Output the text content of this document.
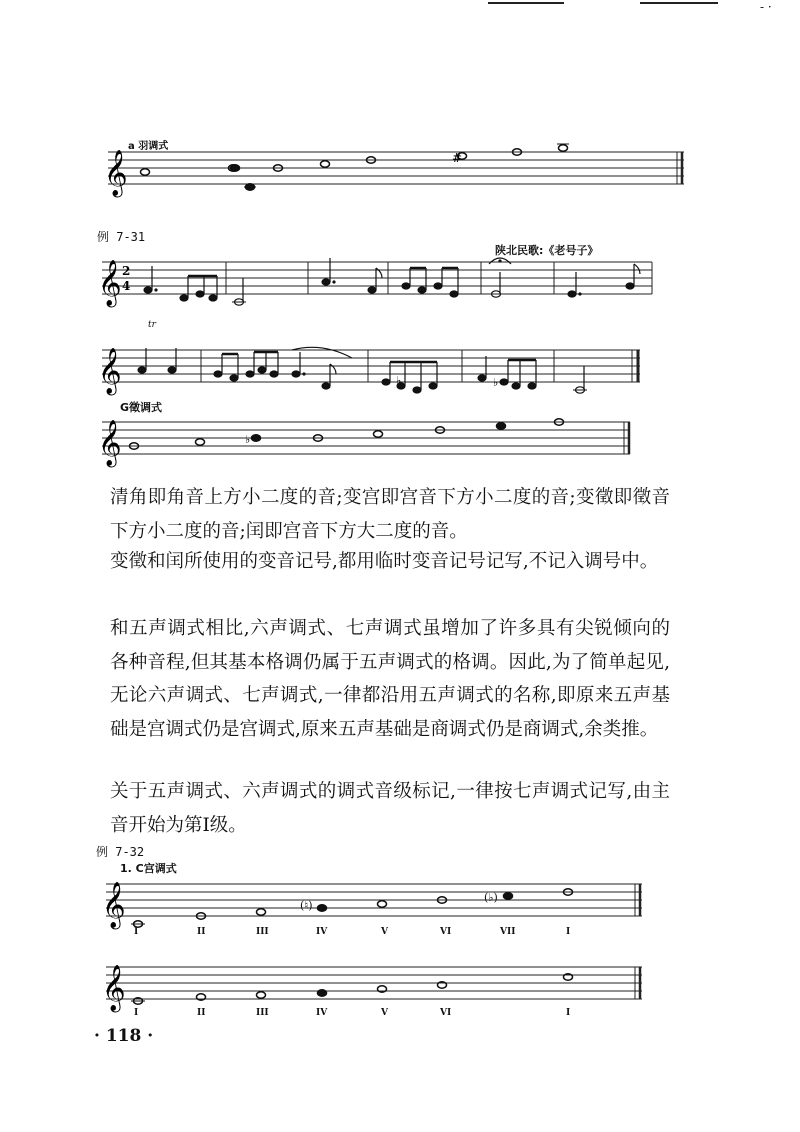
- ·
a 羽调式
𝄞	#
例 7-31
陕北民歌:《老号子》
𝄞 2
4
tr
𝄞	♭	♭
G徵调式
𝄞	♭
清角即角音上方小二度的音;变宫即宫音下方小二度的音;变徵即徵音下方小二度的音;闰即宫音下方大二度的音。
变徵和闰所使用的变音记号,都用临时变音记号记写,不记入调号中。
和五声调式相比,六声调式、七声调式虽增加了许多具有尖锐倾向的各种音程,但其基本格调仍属于五声调式的格调。因此,为了简单起见,无论六声调式、七声调式,一律都沿用五声调式的名称,即原来五声基础是宫调式仍是宫调式,原来五声基础是商调式仍是商调式,余类推。
关于五声调式、六声调式的调式音级标记,一律按七声调式记写,由主音开始为第Ⅰ级。
例 7-32
1. C宫调式
𝄞	(♮)
(♭)
I	II	III	IV	V	VI	VII	I
𝄞
I	II	III	IV	V	VI	I
· 118 ·
